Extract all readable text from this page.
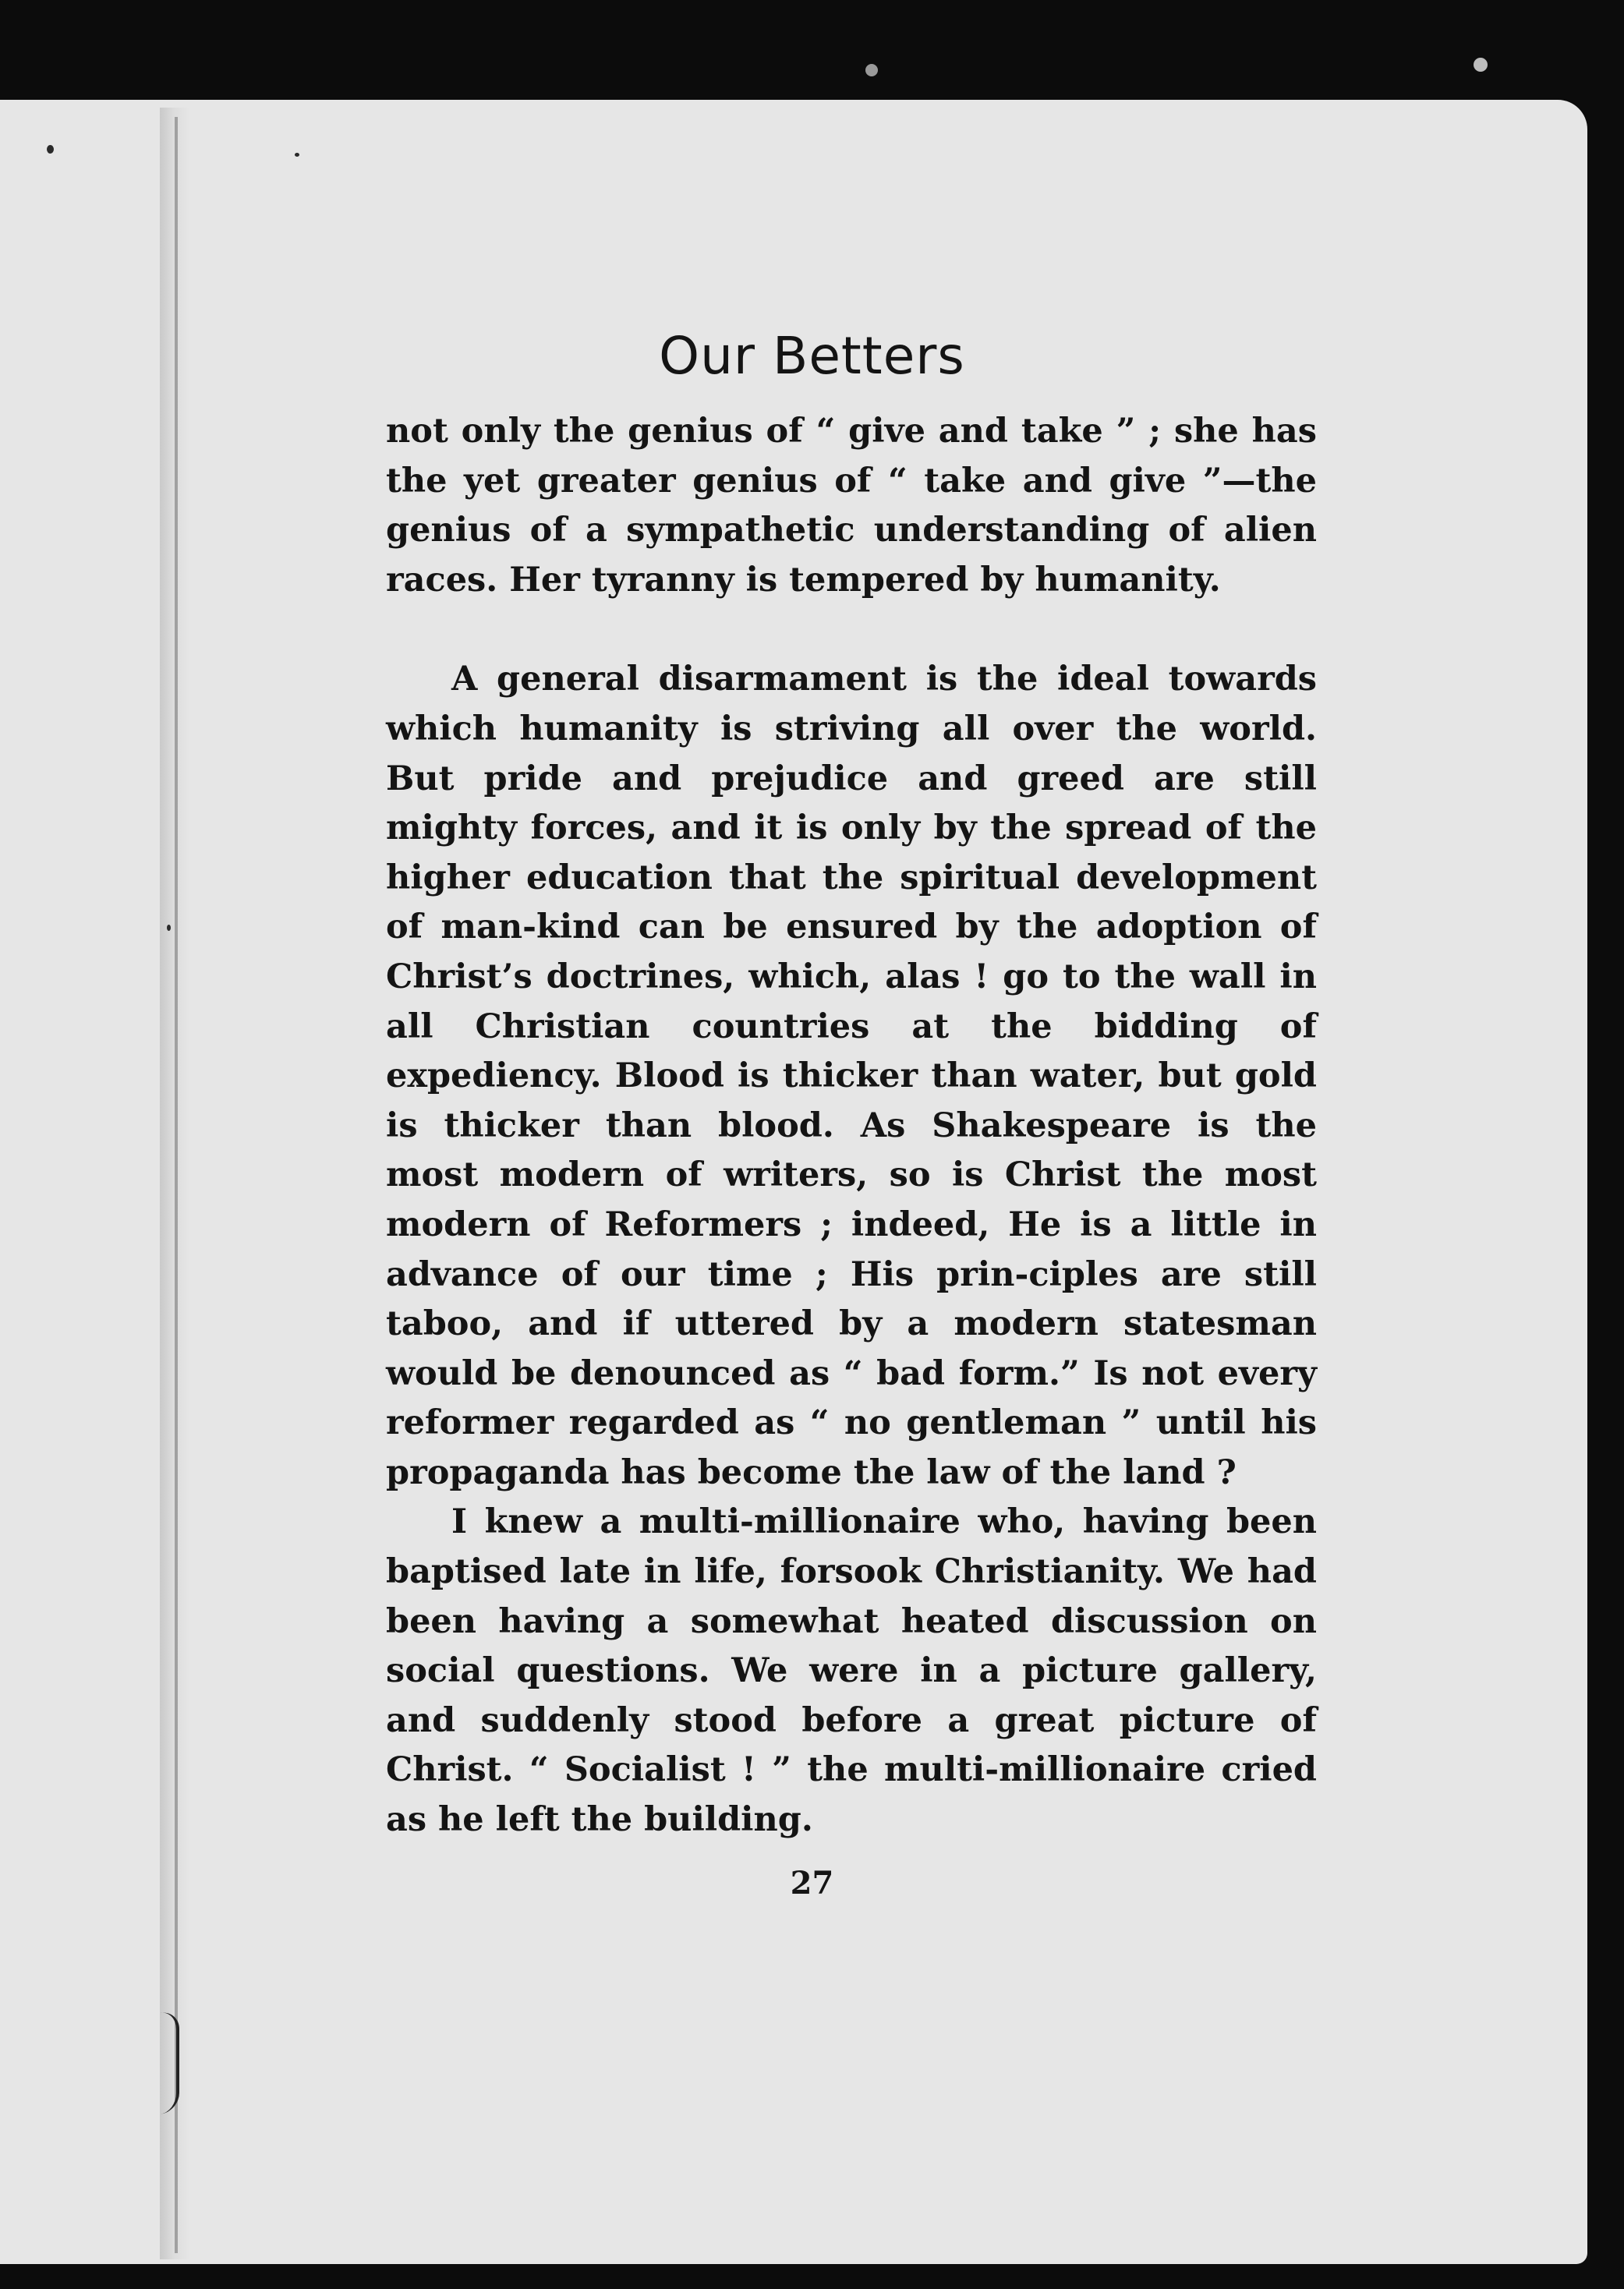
Our Betters

not only the genius of “ give and take ” ; she has the yet greater genius of “ take and give ”—the genius of a sympathetic understanding of alien races. Her tyranny is tempered by humanity.

A general disarmament is the ideal towards which humanity is striving all over the world. But pride and prejudice and greed are still mighty forces, and it is only by the spread of the higher education that the spiritual development of man-kind can be ensured by the adoption of Christ’s doctrines, which, alas ! go to the wall in all Christian countries at the bidding of expediency. Blood is thicker than water, but gold is thicker than blood. As Shakespeare is the most modern of writers, so is Christ the most modern of Reformers ; indeed, He is a little in advance of our time ; His prin-ciples are still taboo, and if uttered by a modern statesman would be denounced as “ bad form.” Is not every reformer regarded as “ no gentleman ” until his propaganda has become the law of the land ?

I knew a multi-millionaire who, having been baptised late in life, forsook Christianity. We had been having a somewhat heated discussion on social questions. We were in a picture gallery, and suddenly stood before a great picture of Christ. “ Socialist ! ” the multi-millionaire cried as he left the building.

27
